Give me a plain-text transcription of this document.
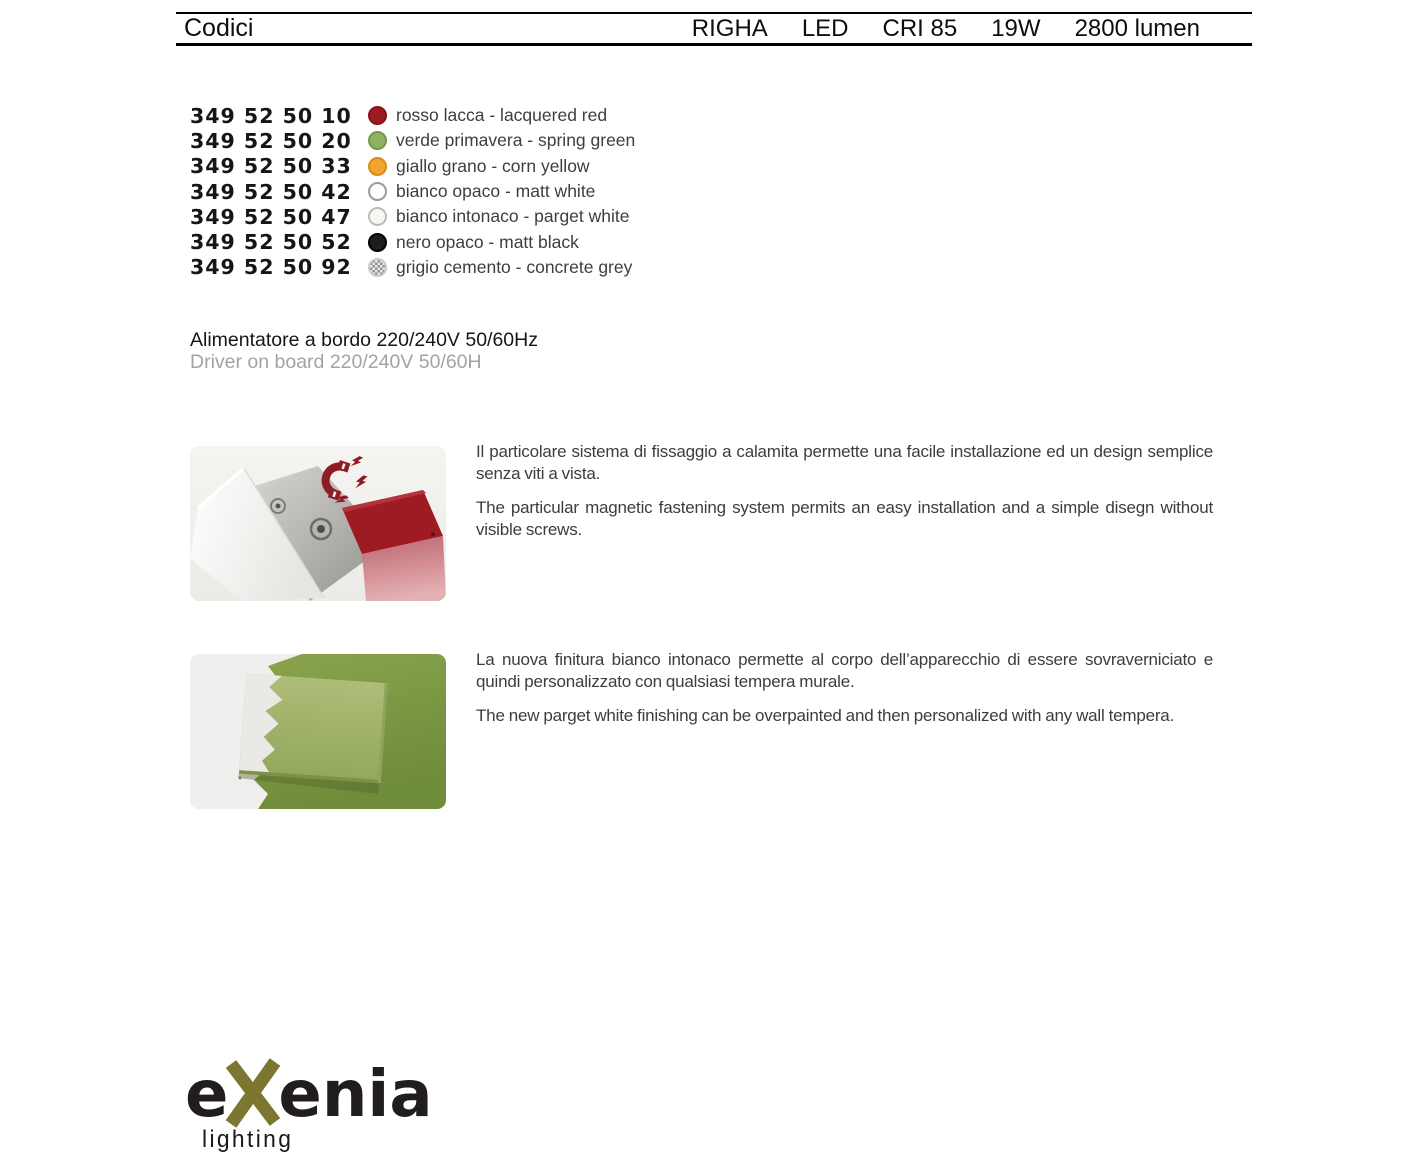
Codici	RIGHA LED CRI 85 19W 2800 lumen
349 52 50 10	rosso lacca - lacquered red
349 52 50 20	verde primavera - spring green
349 52 50 33	giallo grano - corn yellow
349 52 50 42	bianco opaco - matt white
349 52 50 47	bianco intonaco - parget white
349 52 50 52	nero opaco - matt black
349 52 50 92	grigio cemento - concrete grey
Alimentatore a bordo 220/240V 50/60Hz
Driver on board 220/240V 50/60H

Il particolare sistema di fissaggio a calamita permette una facile installazione ed un design semplice senza viti a vista.

The particular magnetic fastening system permits an easy installation and a simple disegn without visible screws.

La nuova finitura bianco intonaco permette al corpo dell’apparecchio di essere sovraverniciato e quindi personalizzato con qualsiasi tempera murale.

The new parget white finishing can be overpainted and then personalized with any wall tempera.

e enia
lighting
